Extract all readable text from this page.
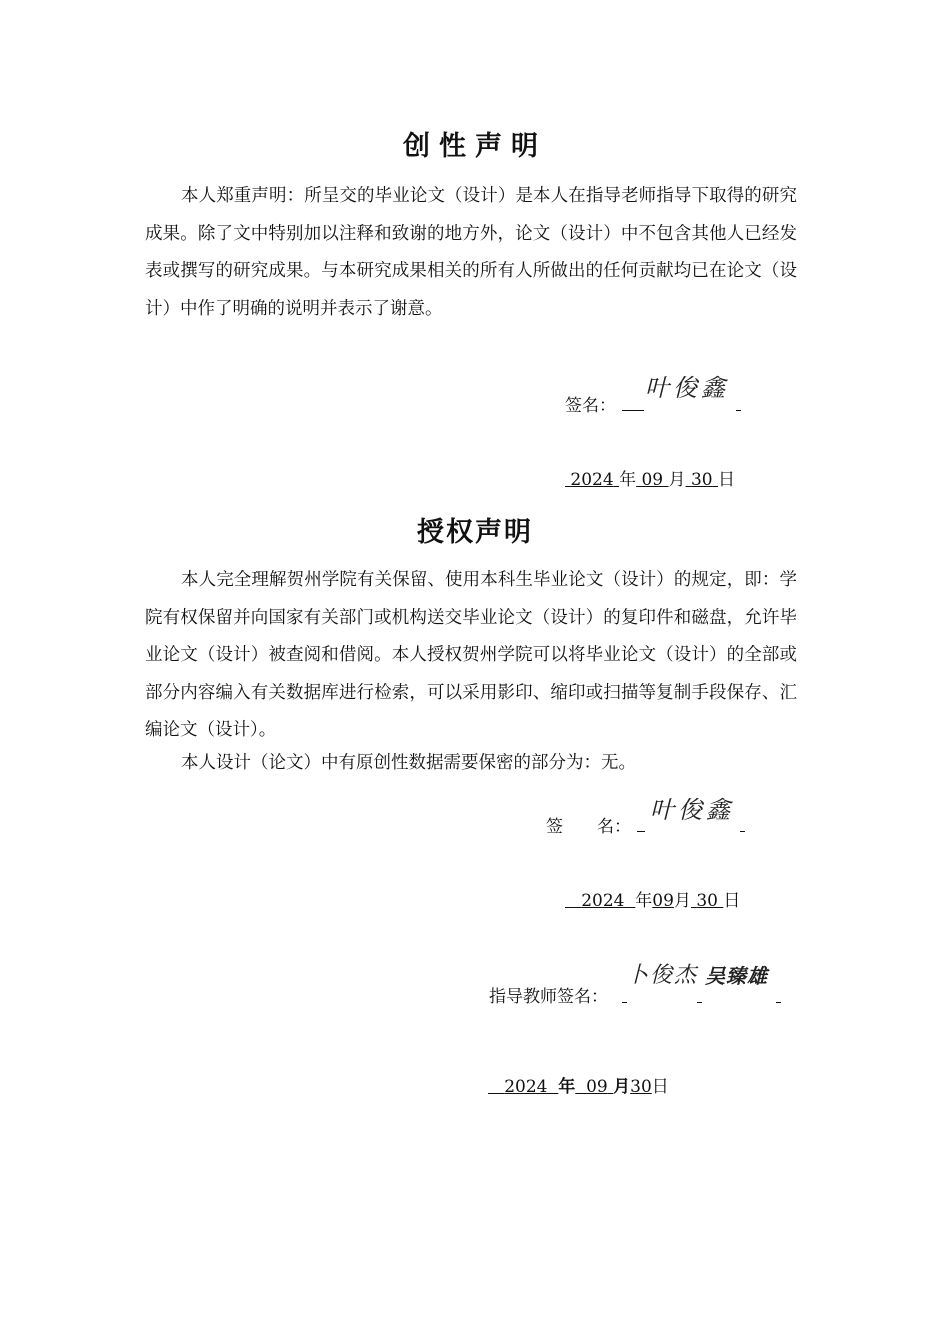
创性声明

本人郑重声明：所呈交的毕业论文（设计）是本人在指导老师指导下取得的研究成果。除了文中特别加以注释和致谢的地方外，论文（设计）中不包含其他人已经发表或撰写的研究成果。与本研究成果相关的所有人所做出的任何贡献均已在论文（设计）中作了明确的说明并表示了谢意。

签名：
叶俊鑫
2024 年 09 月 30 日
授权声明

本人完全理解贺州学院有关保留、使用本科生毕业论文（设计）的规定，即：学院有权保留并向国家有关部门或机构送交毕业论文（设计）的复印件和磁盘，允许毕业论文（设计）被查阅和借阅。本人授权贺州学院可以将毕业论文（设计）的全部或部分内容编入有关数据库进行检索，可以采用影印、缩印或扫描等复制手段保存、汇编论文（设计）。

本人设计（论文）中有原创性数据需要保密的部分为：无。

签 名：
叶俊鑫
2024 年09月 30 日
指导教师签名：
卜俊杰 吴臻雄
2024 年 09 月30日
